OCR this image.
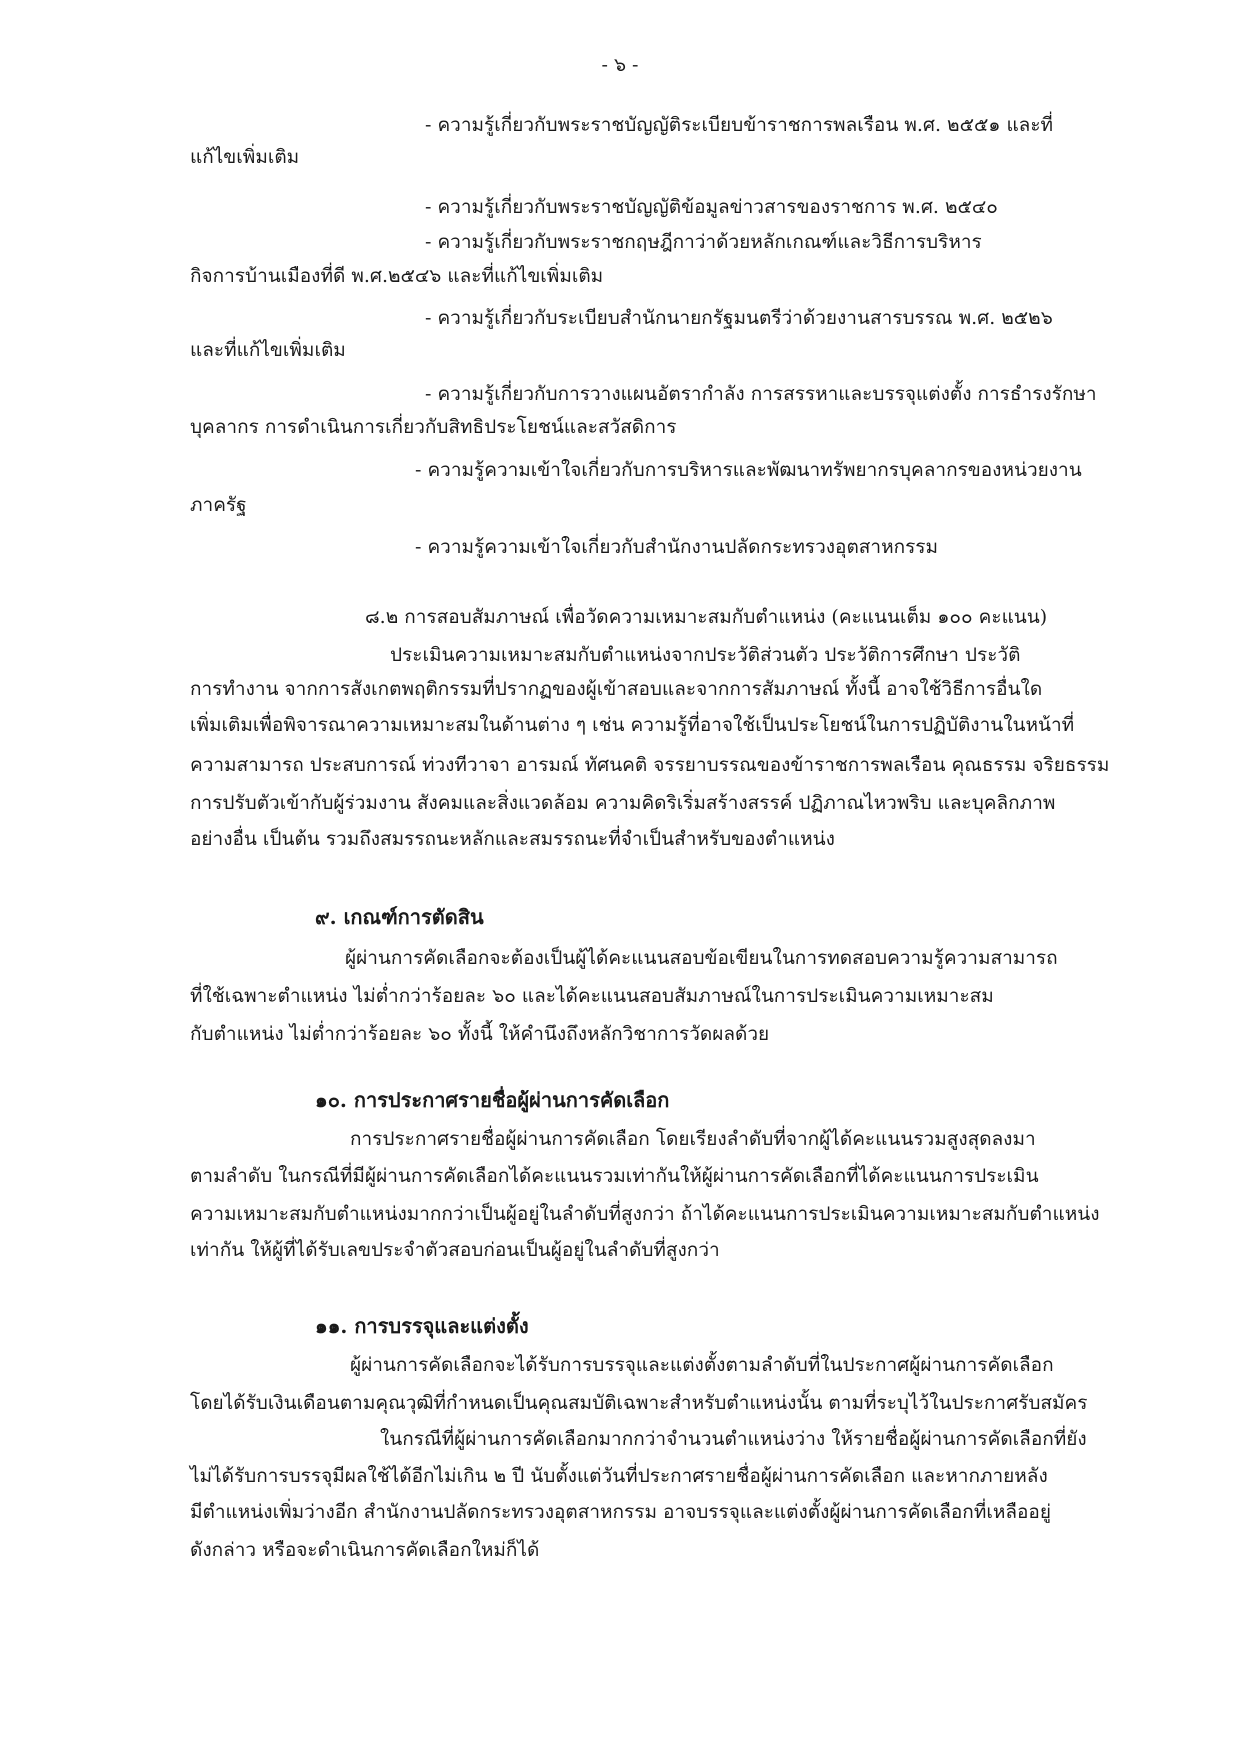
- ๖ -

- ความรู้เกี่ยวกับพระราชบัญญัติระเบียบข้าราชการพลเรือน พ.ศ. ๒๕๕๑ และที่

แก้ไขเพิ่มเติม

- ความรู้เกี่ยวกับพระราชบัญญัติข้อมูลข่าวสารของราชการ พ.ศ. ๒๕๔๐

- ความรู้เกี่ยวกับพระราชกฤษฎีกาว่าด้วยหลักเกณฑ์และวิธีการบริหาร

กิจการบ้านเมืองที่ดี พ.ศ.๒๕๔๖ และที่แก้ไขเพิ่มเติม

- ความรู้เกี่ยวกับระเบียบสำนักนายกรัฐมนตรีว่าด้วยงานสารบรรณ พ.ศ. ๒๕๒๖

และที่แก้ไขเพิ่มเติม

- ความรู้เกี่ยวกับการวางแผนอัตรากำลัง การสรรหาและบรรจุแต่งตั้ง การธำรงรักษา

บุคลากร การดำเนินการเกี่ยวกับสิทธิประโยชน์และสวัสดิการ

- ความรู้ความเข้าใจเกี่ยวกับการบริหารและพัฒนาทรัพยากรบุคลากรของหน่วยงาน

ภาครัฐ

- ความรู้ความเข้าใจเกี่ยวกับสำนักงานปลัดกระทรวงอุตสาหกรรม

๘.๒ การสอบสัมภาษณ์ เพื่อวัดความเหมาะสมกับตำแหน่ง (คะแนนเต็ม ๑๐๐ คะแนน)

ประเมินความเหมาะสมกับตำแหน่งจากประวัติส่วนตัว ประวัติการศึกษา ประวัติ

การทำงาน จากการสังเกตพฤติกรรมที่ปรากฏของผู้เข้าสอบและจากการสัมภาษณ์ ทั้งนี้ อาจใช้วิธีการอื่นใด

เพิ่มเติมเพื่อพิจารณาความเหมาะสมในด้านต่าง ๆ เช่น ความรู้ที่อาจใช้เป็นประโยชน์ในการปฏิบัติงานในหน้าที่

ความสามารถ ประสบการณ์ ท่วงทีวาจา อารมณ์ ทัศนคติ จรรยาบรรณของข้าราชการพลเรือน คุณธรรม จริยธรรม

การปรับตัวเข้ากับผู้ร่วมงาน สังคมและสิ่งแวดล้อม ความคิดริเริ่มสร้างสรรค์ ปฏิภาณไหวพริบ และบุคลิกภาพ

อย่างอื่น เป็นต้น รวมถึงสมรรถนะหลักและสมรรถนะที่จำเป็นสำหรับของตำแหน่ง

๙. เกณฑ์การตัดสิน

ผู้ผ่านการคัดเลือกจะต้องเป็นผู้ได้คะแนนสอบข้อเขียนในการทดสอบความรู้ความสามารถ

ที่ใช้เฉพาะตำแหน่ง ไม่ต่ำกว่าร้อยละ ๖๐ และได้คะแนนสอบสัมภาษณ์ในการประเมินความเหมาะสม

กับตำแหน่ง ไม่ต่ำกว่าร้อยละ ๖๐ ทั้งนี้ ให้คำนึงถึงหลักวิชาการวัดผลด้วย

๑๐. การประกาศรายชื่อผู้ผ่านการคัดเลือก

การประกาศรายชื่อผู้ผ่านการคัดเลือก โดยเรียงลำดับที่จากผู้ได้คะแนนรวมสูงสุดลงมา

ตามลำดับ ในกรณีที่มีผู้ผ่านการคัดเลือกได้คะแนนรวมเท่ากันให้ผู้ผ่านการคัดเลือกที่ได้คะแนนการประเมิน

ความเหมาะสมกับตำแหน่งมากกว่าเป็นผู้อยู่ในลำดับที่สูงกว่า ถ้าได้คะแนนการประเมินความเหมาะสมกับตำแหน่ง

เท่ากัน ให้ผู้ที่ได้รับเลขประจำตัวสอบก่อนเป็นผู้อยู่ในลำดับที่สูงกว่า

๑๑. การบรรจุและแต่งตั้ง

ผู้ผ่านการคัดเลือกจะได้รับการบรรจุและแต่งตั้งตามลำดับที่ในประกาศผู้ผ่านการคัดเลือก

โดยได้รับเงินเดือนตามคุณวุฒิที่กำหนดเป็นคุณสมบัติเฉพาะสำหรับตำแหน่งนั้น ตามที่ระบุไว้ในประกาศรับสมัคร

ในกรณีที่ผู้ผ่านการคัดเลือกมากกว่าจำนวนตำแหน่งว่าง ให้รายชื่อผู้ผ่านการคัดเลือกที่ยัง

ไม่ได้รับการบรรจุมีผลใช้ได้อีกไม่เกิน ๒ ปี นับตั้งแต่วันที่ประกาศรายชื่อผู้ผ่านการคัดเลือก และหากภายหลัง

มีตำแหน่งเพิ่มว่างอีก สำนักงานปลัดกระทรวงอุตสาหกรรม อาจบรรจุและแต่งตั้งผู้ผ่านการคัดเลือกที่เหลืออยู่

ดังกล่าว หรือจะดำเนินการคัดเลือกใหม่ก็ได้
